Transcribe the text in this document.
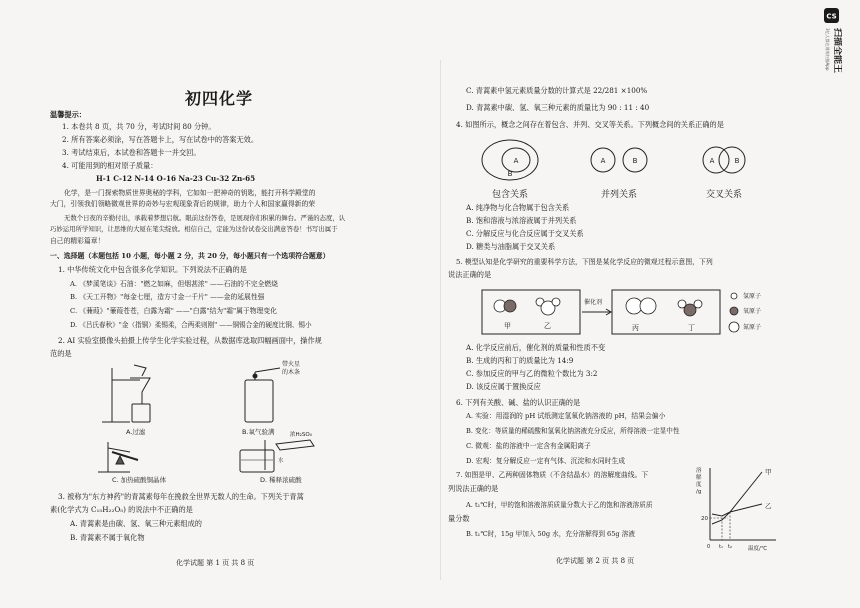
CS
扫描全能王
3亿人都在用的扫描App
初四化学
温馨提示：
1. 本卷共 8 页，共 70 分，考试时间 80 分钟。
2. 所有答案必须涂，写在答题卡上，写在试卷中的答案无效。
3. 考试结束后，本试卷和答题卡一并交回。
4. 可能用到的相对原子质量：
H-1 C-12 N-14 O-16 Na-23 Cu-32 Zn-65
化学，是一门探索物质世界奥秘的学科，它如如一把神奇的钥匙，能打开科学殿堂的
大门，引领我们领略微观世界的奇妙与宏观现象背后的规律，助力个人和国家赢得新的荣
无数个日夜的辛勤付出，承载着梦想启航。眼前这份答卷，是展现你们积累的舞台。严谨的态度，认
巧妙运用所学知识，让思维的大厦在笔尖绽放。相信自己，定能为这份试卷交出满意答卷！书写出属于
自己的精彩篇章！
一、选择题（本题包括 10 小题，每小题 2 分，共 20 分，每小题只有一个选项符合题意）
1. 中华传统文化中包含很多化学知识。下列说法不正确的是
A. 《梦溪笔谈》石油："燃之如麻，但烟甚浓" ——石油的不完全燃烧
B. 《天工开物》"每金七厘，造方寸金一千片" ——金的延展性强
C. 《蒹葭》"蒹葭苍苍，白露为霜" ——"白露"结为"霜"属于物理变化
D. 《吕氏春秋》"金（指铜）柔锡柔，合两柔则刚" ——铜锡合金的硬度比铜、锡小
2. AI 实验室摄像头拍摄上传学生化学实验过程，从数据库选取四幅画面中，操作规
范的是
A.过滤
带火星
的木条
B.氧气验满
C. 加热硫酸铜晶体
浓H₂SO₄
水
D. 稀释浓硫酸
3. 被称为"东方神药"的青蒿素每年在挽救全世界无数人的生命。下列关于青蒿
素(化学式为 C₁₅H₂₂O₅) 的说法中不正确的是
A. 青蒿素是由碳、氢、氧三种元素组成的
B. 青蒿素不属于氧化物
化学试题 第 1 页 共 8 页
C. 青蒿素中氢元素质量分数的计算式是 22/281 ×100%
D. 青蒿素中碳、氢、氧三种元素的质量比为 90 : 11 : 40
4. 如图所示，概念之间存在着包含、并列、交叉等关系。下列概念间的关系正确的是
A
B
包含关系
A	B
并列关系
A	B
交叉关系
A. 纯净物与化合物属于包含关系
B. 饱和溶液与浓溶液属于并列关系
C. 分解反应与化合反应属于交叉关系
D. 糖类与油脂属于交叉关系
5. 模型认知是化学研究的重要科学方法，下图是某化学反应的微观过程示意图，下列
说法正确的是
甲	乙
催化剂
丙	丁
氢原子
氧原子
氮原子
A. 化学反应前后，催化剂的质量和性质不变
B. 生成的丙和丁的质量比为 14:9
C. 参加反应的甲与乙的微粒个数比为 3:2
D. 该反应属于置换反应
6. 下列有关酸、碱、盐的认识正确的是
A. 实验：用湿润的 pH 试纸测定氢氧化钠溶液的 pH，结果会偏小
B. 变化：等质量的稀硫酸和氢氧化钠溶液充分反应，所得溶液一定显中性
C. 微观：盐的溶液中一定含有金属阳离子
D. 宏观：复分解反应一定有气体、沉淀和水同时生成
7. 如图是甲、乙两种固体物质（不含结晶水）的溶解度曲线。下
列说法正确的是
A. t₁℃时，甲的饱和溶液溶质质量分数大于乙的饱和溶液溶质质
量分数
B. t₁℃时，15g 甲加入 50g 水，充分溶解得到 65g 溶液
溶
解
度
/g
20
甲
乙
0 t₁ t₂	温度/℃
化学试题 第 2 页 共 8 页
